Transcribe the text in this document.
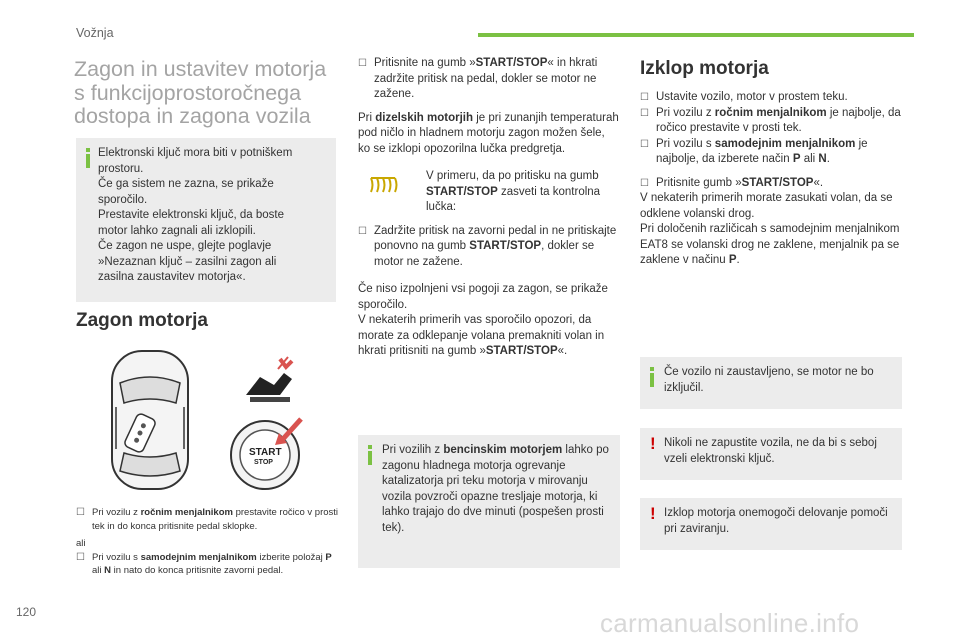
Vožnja
Zagon in ustavitev motorja
s funkcijoprostoročnega
dostopa in zagona vozila
Elektronski ključ mora biti v potniškem
prostoru.
Če ga sistem ne zazna, se prikaže
sporočilo.
Prestavite elektronski ključ, da boste
motor lahko zagnali ali izklopili.
Če zagon ne uspe, glejte poglavje
»Nezaznan ključ – zasilni zagon ali
zasilna zaustavitev motorja«.
Zagon motorja
START
STOP

☐ Pri vozilu z ročnim menjalnikom prestavite ročico v prosti tek in do konca pritisnite pedal sklopke.

ali

☐ Pri vozilu s samodejnim menjalnikom izberite položaj P ali N in nato do konca pritisnite zavorni pedal.

☐ Pritisnite na gumb »START/STOP« in hkrati zadržite pritisk na pedal, dokler se motor ne zažene.

Pri dizelskih motorjih je pri zunanjih temperaturah pod ničlo in hladnem motorju zagon možen šele, ko se izklopi opozorilna lučka predgretja.

V primeru, da po pritisku na gumb START/STOP zasveti ta kontrolna lučka:

☐ Zadržite pritisk na zavorni pedal in ne pritiskajte ponovno na gumb START/STOP, dokler se motor ne zažene.

Če niso izpolnjeni vsi pogoji za zagon, se prikaže sporočilo.

V nekaterih primerih vas sporočilo opozori, da morate za odklepanje volana premakniti volan in hkrati pritisniti na gumb »START/STOP«.

Pri vozilih z bencinskim motorjem lahko po zagonu hladnega motorja ogrevanje katalizatorja pri teku motorja v mirovanju vozila povzroči opazne tresljaje motorja, ki lahko trajajo do dve minuti (pospešen prosti tek).

Izklop motorja

☐ Ustavite vozilo, motor v prostem teku.

☐ Pri vozilu z ročnim menjalnikom je najbolje, da ročico prestavite v prosti tek.

☐ Pri vozilu s samodejnim menjalnikom je najbolje, da izberete način P ali N.

☐ Pritisnite gumb »START/STOP«.

V nekaterih primerih morate zasukati volan, da se odklene volanski drog.

Pri določenih različicah s samodejnim menjalnikom EAT8 se volanski drog ne zaklene, menjalnik pa se zaklene v načinu P.

Če vozilo ni zaustavljeno, se motor ne bo izključil.

! Nikoli ne zapustite vozila, ne da bi s seboj vzeli elektronski ključ.

! Izklop motorja onemogoči delovanje pomoči pri zaviranju.

120	carmanualsonline.info
